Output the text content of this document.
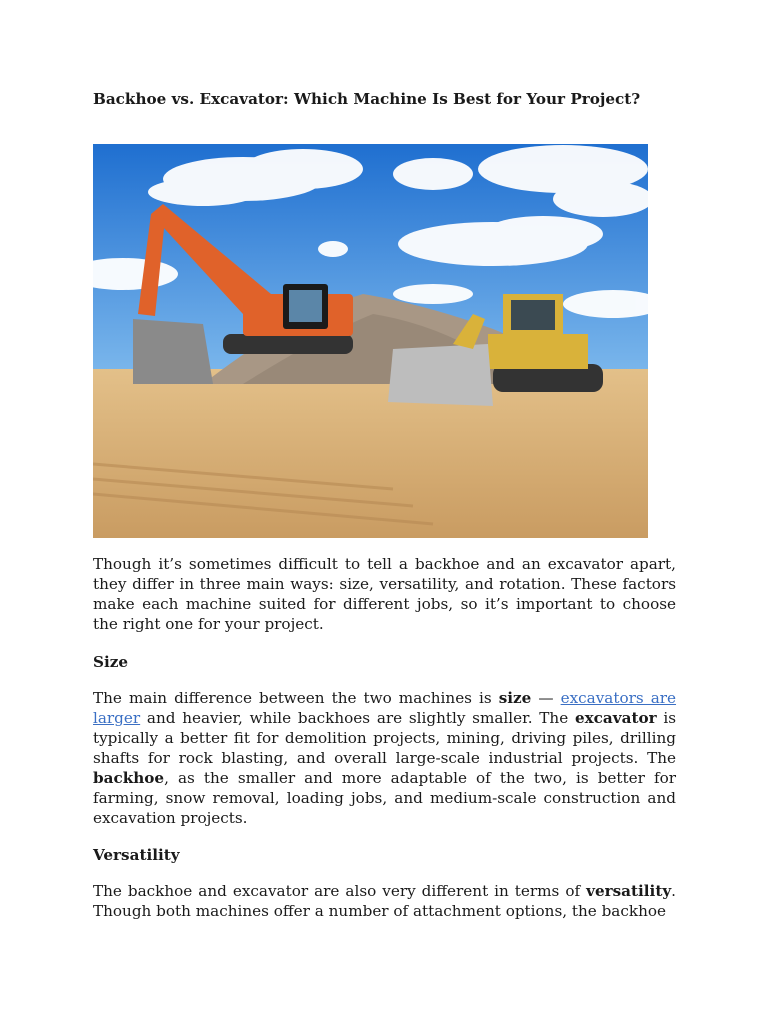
Backhoe vs. Excavator: Which Machine Is Best for Your Project?

Though it’s sometimes difficult to tell a backhoe and an excavator apart, they differ in three main ways: size, versatility, and rotation. These factors make each machine suited for different jobs, so it’s important to choose the right one for your project.

Size

The main difference between the two machines is size — excavators are larger and heavier, while backhoes are slightly smaller. The excavator is typically a better fit for demolition projects, mining, driving piles, drilling shafts for rock blasting, and overall large-scale industrial projects. The backhoe, as the smaller and more adaptable of the two, is better for farming, snow removal, loading jobs, and medium-scale construction and excavation projects.

Versatility

The backhoe and excavator are also very different in terms of versatility. Though both machines offer a number of attachment options, the backhoe
